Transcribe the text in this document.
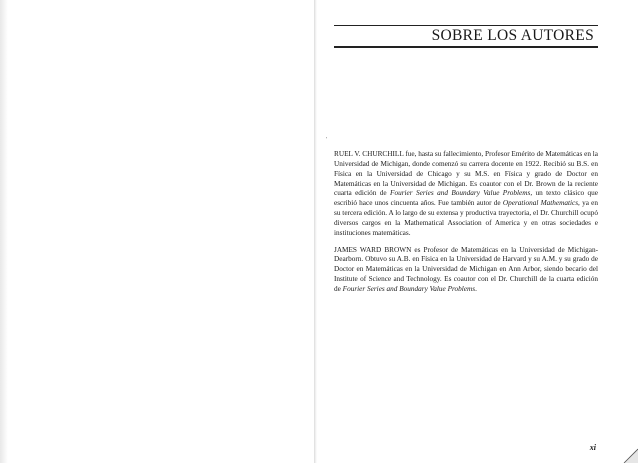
SOBRE LOS AUTORES
'

RUEL V. CHURCHILL fue, hasta su fallecimiento, Profesor Emérito de Matemáticas en la Universidad de Michigan, donde comenzó su carrera docente en 1922. Recibió su B.S. en Física en la Universidad de Chicago y su M.S. en Física y grado de Doctor en Matemáticas en la Universidad de Michigan. Es coautor con el Dr. Brown de la reciente cuarta edición de Fourier Series and Boundary Value Problems, un texto clásico que escribió hace unos cincuenta años. Fue también autor de Operational Mathematics, ya en su tercera edición. A lo largo de su extensa y productiva trayectoria, el Dr. Churchill ocupó diversos cargos en la Mathematical Association of America y en otras sociedades e instituciones matemáticas.

JAMES WARD BROWN es Profesor de Matemáticas en la Universidad de Michigan-Dearborn. Obtuvo su A.B. en Física en la Universidad de Harvard y su A.M. y su grado de Doctor en Matemáticas en la Universidad de Michigan en Ann Arbor, siendo becario del Institute of Science and Technology. Es coautor con el Dr. Churchill de la cuarta edición de Fourier Series and Boundary Value Problems.

xi
